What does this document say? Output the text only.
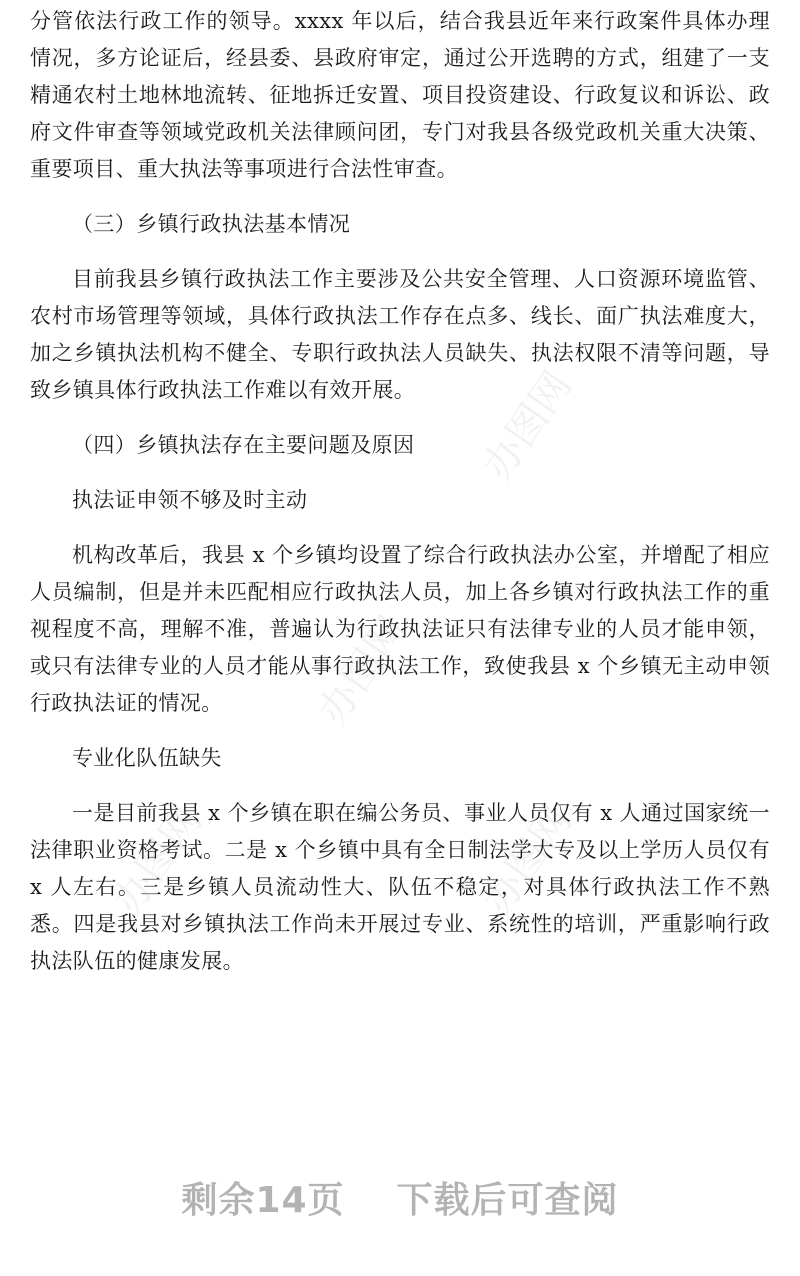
分管依法行政工作的领导。xxxx 年以后，结合我县近年来行政案件具体办理情况，多方论证后，经县委、县政府审定，通过公开选聘的方式，组建了一支精通农村土地林地流转、征地拆迁安置、项目投资建设、行政复议和诉讼、政府文件审查等领域党政机关法律顾问团，专门对我县各级党政机关重大决策、重要项目、重大执法等事项进行合法性审查。

（三）乡镇行政执法基本情况

目前我县乡镇行政执法工作主要涉及公共安全管理、人口资源环境监管、农村市场管理等领域，具体行政执法工作存在点多、线长、面广执法难度大，加之乡镇执法机构不健全、专职行政执法人员缺失、执法权限不清等问题，导致乡镇具体行政执法工作难以有效开展。

（四）乡镇执法存在主要问题及原因

执法证申领不够及时主动

机构改革后，我县 x 个乡镇均设置了综合行政执法办公室，并增配了相应人员编制，但是并未匹配相应行政执法人员，加上各乡镇对行政执法工作的重视程度不高，理解不准，普遍认为行政执法证只有法律专业的人员才能申领，或只有法律专业的人员才能从事行政执法工作，致使我县 x 个乡镇无主动申领行政执法证的情况。

专业化队伍缺失

一是目前我县 x 个乡镇在职在编公务员、事业人员仅有 x 人通过国家统一法律职业资格考试。二是 x 个乡镇中具有全日制法学大专及以上学历人员仅有 x 人左右。三是乡镇人员流动性大、队伍不稳定，对具体行政执法工作不熟悉。四是我县对乡镇执法工作尚未开展过专业、系统性的培训，严重影响行政执法队伍的健康发展。

办图网
办图网
办图网
办图网
剩余14页 下载后可查阅
